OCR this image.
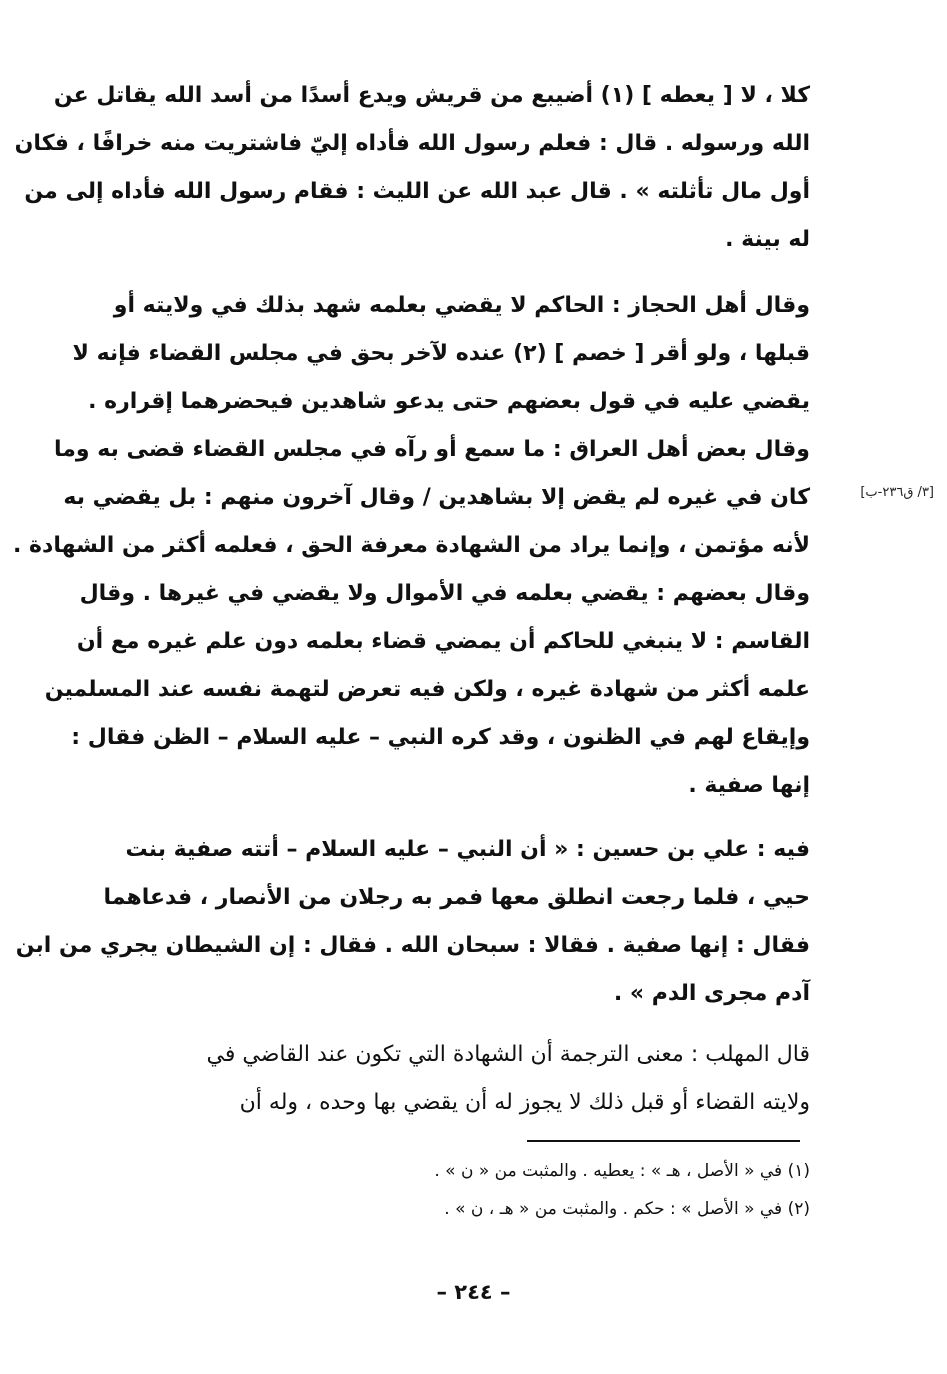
كلا ، لا [ يعطه ] (١) أضيبع من قريش ويدع أسدًا من أسد الله يقاتل عن
الله ورسوله . قال : فعلم رسول الله فأداه إليّ فاشتريت منه خرافًا ، فكان
أول مال تأثلته » . قال عبد الله عن الليث : فقام رسول الله فأداه إلى من
له بينة .
وقال أهل الحجاز : الحاكم لا يقضي بعلمه شهد بذلك في ولايته أو
قبلها ، ولو أقر [ خصم ] (٢) عنده لآخر بحق في مجلس القضاء فإنه لا
يقضي عليه في قول بعضهم حتى يدعو شاهدين فيحضرهما إقراره .
وقال بعض أهل العراق : ما سمع أو رآه في مجلس القضاء قضى به وما
كان في غيره لم يقض إلا بشاهدين / وقال آخرون منهم : بل يقضي به
لأنه مؤتمن ، وإنما يراد من الشهادة معرفة الحق ، فعلمه أكثر من الشهادة .
وقال بعضهم : يقضي بعلمه في الأموال ولا يقضي في غيرها . وقال
القاسم : لا ينبغي للحاكم أن يمضي قضاء بعلمه دون علم غيره مع أن
علمه أكثر من شهادة غيره ، ولكن فيه تعرض لتهمة نفسه عند المسلمين
وإيقاع لهم في الظنون ، وقد كره النبي – عليه السلام – الظن فقال :
إنها صفية .
[٣/ ق٢٣٦-ب]
فيه : علي بن حسين : « أن النبي – عليه السلام – أتته صفية بنت
حيي ، فلما رجعت انطلق معها فمر به رجلان من الأنصار ، فدعاهما
فقال : إنها صفية . فقالا : سبحان الله . فقال : إن الشيطان يجري من ابن
آدم مجرى الدم » .
قال المهلب : معنى الترجمة أن الشهادة التي تكون عند القاضي في
ولايته القضاء أو قبل ذلك لا يجوز له أن يقضي بها وحده ، وله أن
(١) في « الأصل ، هـ » : يعطيه . والمثبت من « ن » .
(٢) في « الأصل » : حكم . والمثبت من « هـ ، ن » .
– ٢٤٤ –
